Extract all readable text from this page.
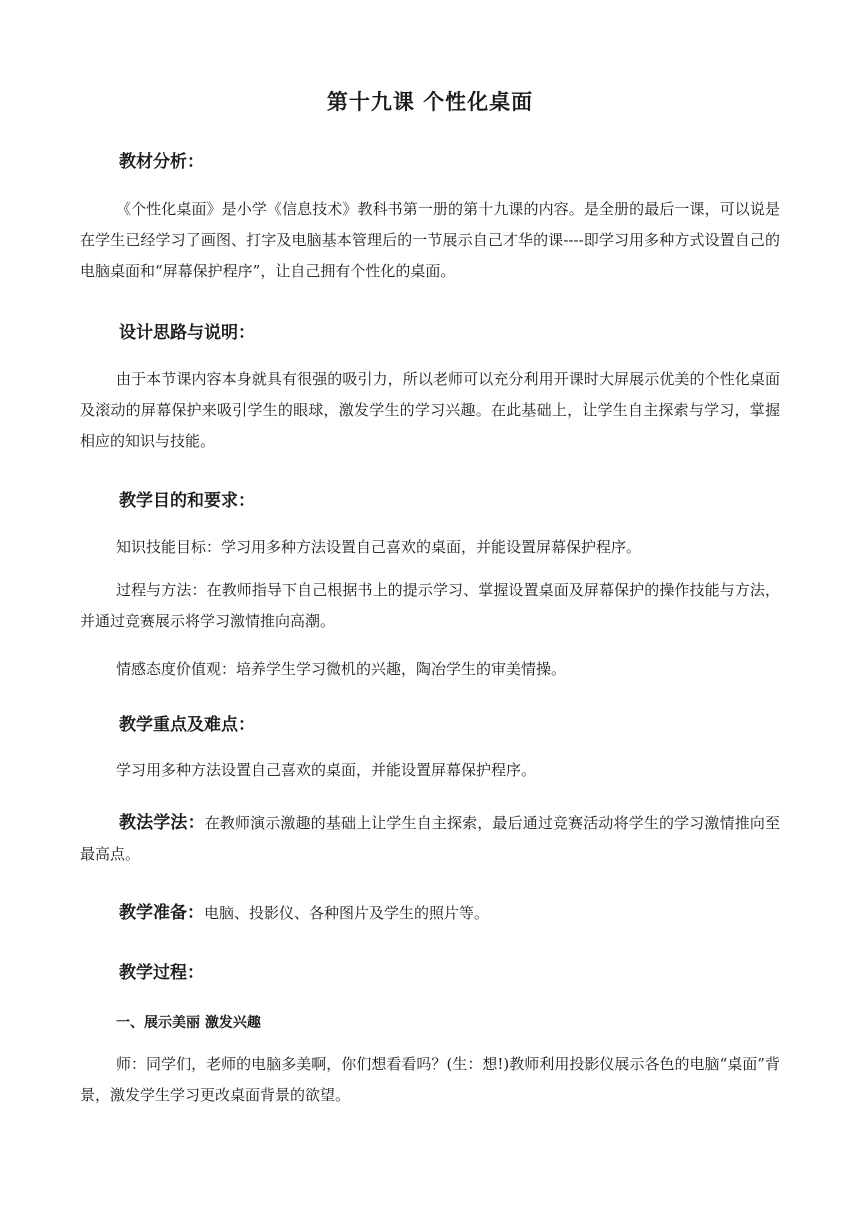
第十九课 个性化桌面
教材分析：
《个性化桌面》是小学《信息技术》教科书第一册的第十九课的内容。是全册的最后一课，可以说是在学生已经学习了画图、打字及电脑基本管理后的一节展示自己才华的课----即学习用多种方式设置自己的电脑桌面和“屏幕保护程序”，让自己拥有个性化的桌面。
设计思路与说明：
由于本节课内容本身就具有很强的吸引力，所以老师可以充分利用开课时大屏展示优美的个性化桌面及滚动的屏幕保护来吸引学生的眼球，激发学生的学习兴趣。在此基础上，让学生自主探索与学习，掌握相应的知识与技能。
教学目的和要求：
知识技能目标：学习用多种方法设置自己喜欢的桌面，并能设置屏幕保护程序。
过程与方法：在教师指导下自己根据书上的提示学习、掌握设置桌面及屏幕保护的操作技能与方法，并通过竞赛展示将学习激情推向高潮。
情感态度价值观：培养学生学习微机的兴趣，陶冶学生的审美情操。
教学重点及难点：
学习用多种方法设置自己喜欢的桌面，并能设置屏幕保护程序。
教法学法：在教师演示激趣的基础上让学生自主探索，最后通过竞赛活动将学生的学习激情推向至最高点。
教学准备：电脑、投影仪、各种图片及学生的照片等。
教学过程：
一、展示美丽 激发兴趣
师：同学们，老师的电脑多美啊，你们想看看吗？(生：想!)教师利用投影仪展示各色的电脑“桌面”背景，激发学生学习更改桌面背景的欲望。
